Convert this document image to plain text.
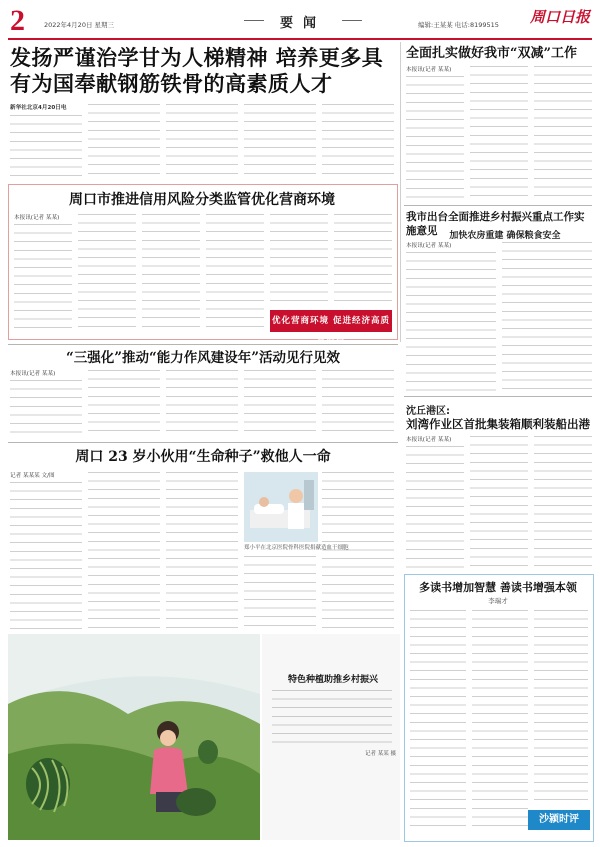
2	2022年4月20日 星期三	要闻	编辑:王某某 电话:8199515 周口日报
发扬严谨治学甘为人梯精神 培养更多具有为国奉献钢筋铁骨的高素质人才
新华社北京4月20日电
全面扎实做好我市“双减”工作
本报讯(记者 某某)
周口市推进信用风险分类监管优化营商环境
本报讯(记者 某某)
优化营商环境 促进经济高质量发展
我市出台全面推进乡村振兴重点工作实施意见	加快农房重建 确保粮食安全
本报讯(记者 某某)
“三强化”推动“能力作风建设年”活动见行见效
本报讯(记者 某某)
周口 23 岁小伙用“生命种子”救他人一命
记者 某某某 文/图
郑小平在北京医院骨科医院捐献造血干细胞
沈丘港区:
刘湾作业区首批集装箱顺利装船出港
本报讯(记者 某某)
特色种植助推乡村振兴
记者 某某 摄
多读书增加智慧 善读书增强本领
李瑞才
沙颍时评
